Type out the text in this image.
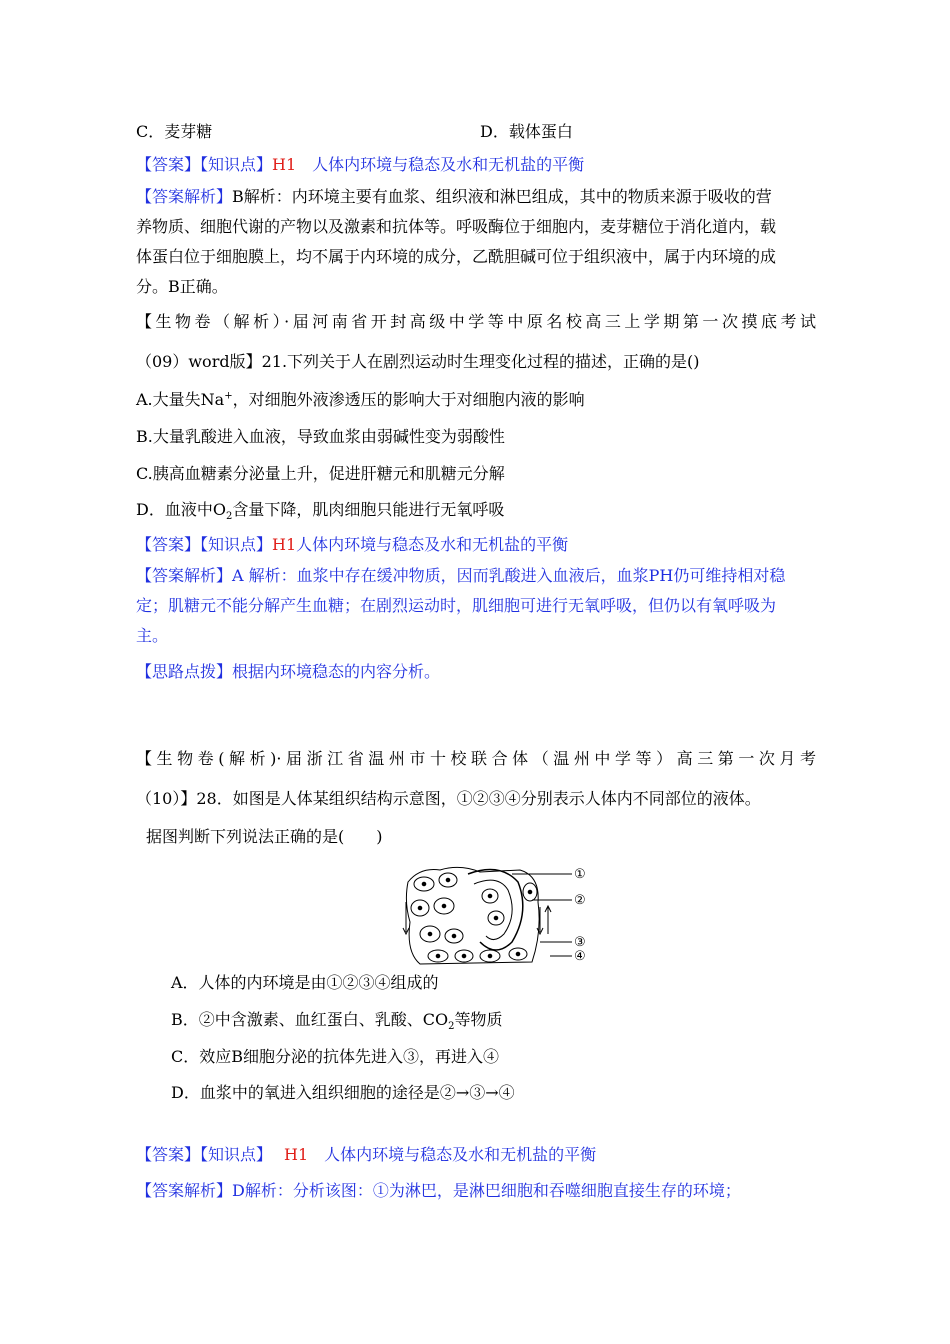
C．麦芽糖	D．载体蛋白
【答案】【知识点】H1　人体内环境与稳态及水和无机盐的平衡
【答案解析】B解析：内环境主要有血浆、组织液和淋巴组成，其中的物质来源于吸收的营
养物质、细胞代谢的产物以及激素和抗体等。呼吸酶位于细胞内，麦芽糖位于消化道内，载
体蛋白位于细胞膜上，均不属于内环境的成分，乙酰胆碱可位于组织液中，属于内环境的成
分。B正确。
【生物卷（解析）·届河南省开封高级中学等中原名校高三上学期第一次摸底考试
（09）word版】21.下列关于人在剧烈运动时生理变化过程的描述，正确的是()
A.大量失Na+，对细胞外液渗透压的影响大于对细胞内液的影响
B.大量乳酸进入血液，导致血浆由弱碱性变为弱酸性
C.胰高血糖素分泌量上升，促进肝糖元和肌糖元分解
D．血液中$O_2$含量下降，肌肉细胞只能进行无氧呼吸
【答案】【知识点】H1人体内环境与稳态及水和无机盐的平衡
【答案解析】A 解析：血浆中存在缓冲物质，因而乳酸进入血液后，血浆PH仍可维持相对稳
定；肌糖元不能分解产生血糖；在剧烈运动时，肌细胞可进行无氧呼吸，但仍以有氧呼吸为
主。
【思路点拨】根据内环境稳态的内容分析。
【生物卷(解析)·届浙江省温州市十校联合体（温州中学等）高三第一次月考
（10）】28．如图是人体某组织结构示意图，①②③④分别表示人体内不同部位的液体。
据图判断下列说法正确的是(　　)
①
②
③
④
A．人体的内环境是由①②③④组成的
B．②中含激素、血红蛋白、乳酸、$CO_2$等物质
C．效应B细胞分泌的抗体先进入③，再进入④
D．血浆中的氧进入组织细胞的途径是②→③→④
【答案】【知识点】 H1 人体内环境与稳态及水和无机盐的平衡
【答案解析】D解析：分析该图：①为淋巴，是淋巴细胞和吞噬细胞直接生存的环境；
